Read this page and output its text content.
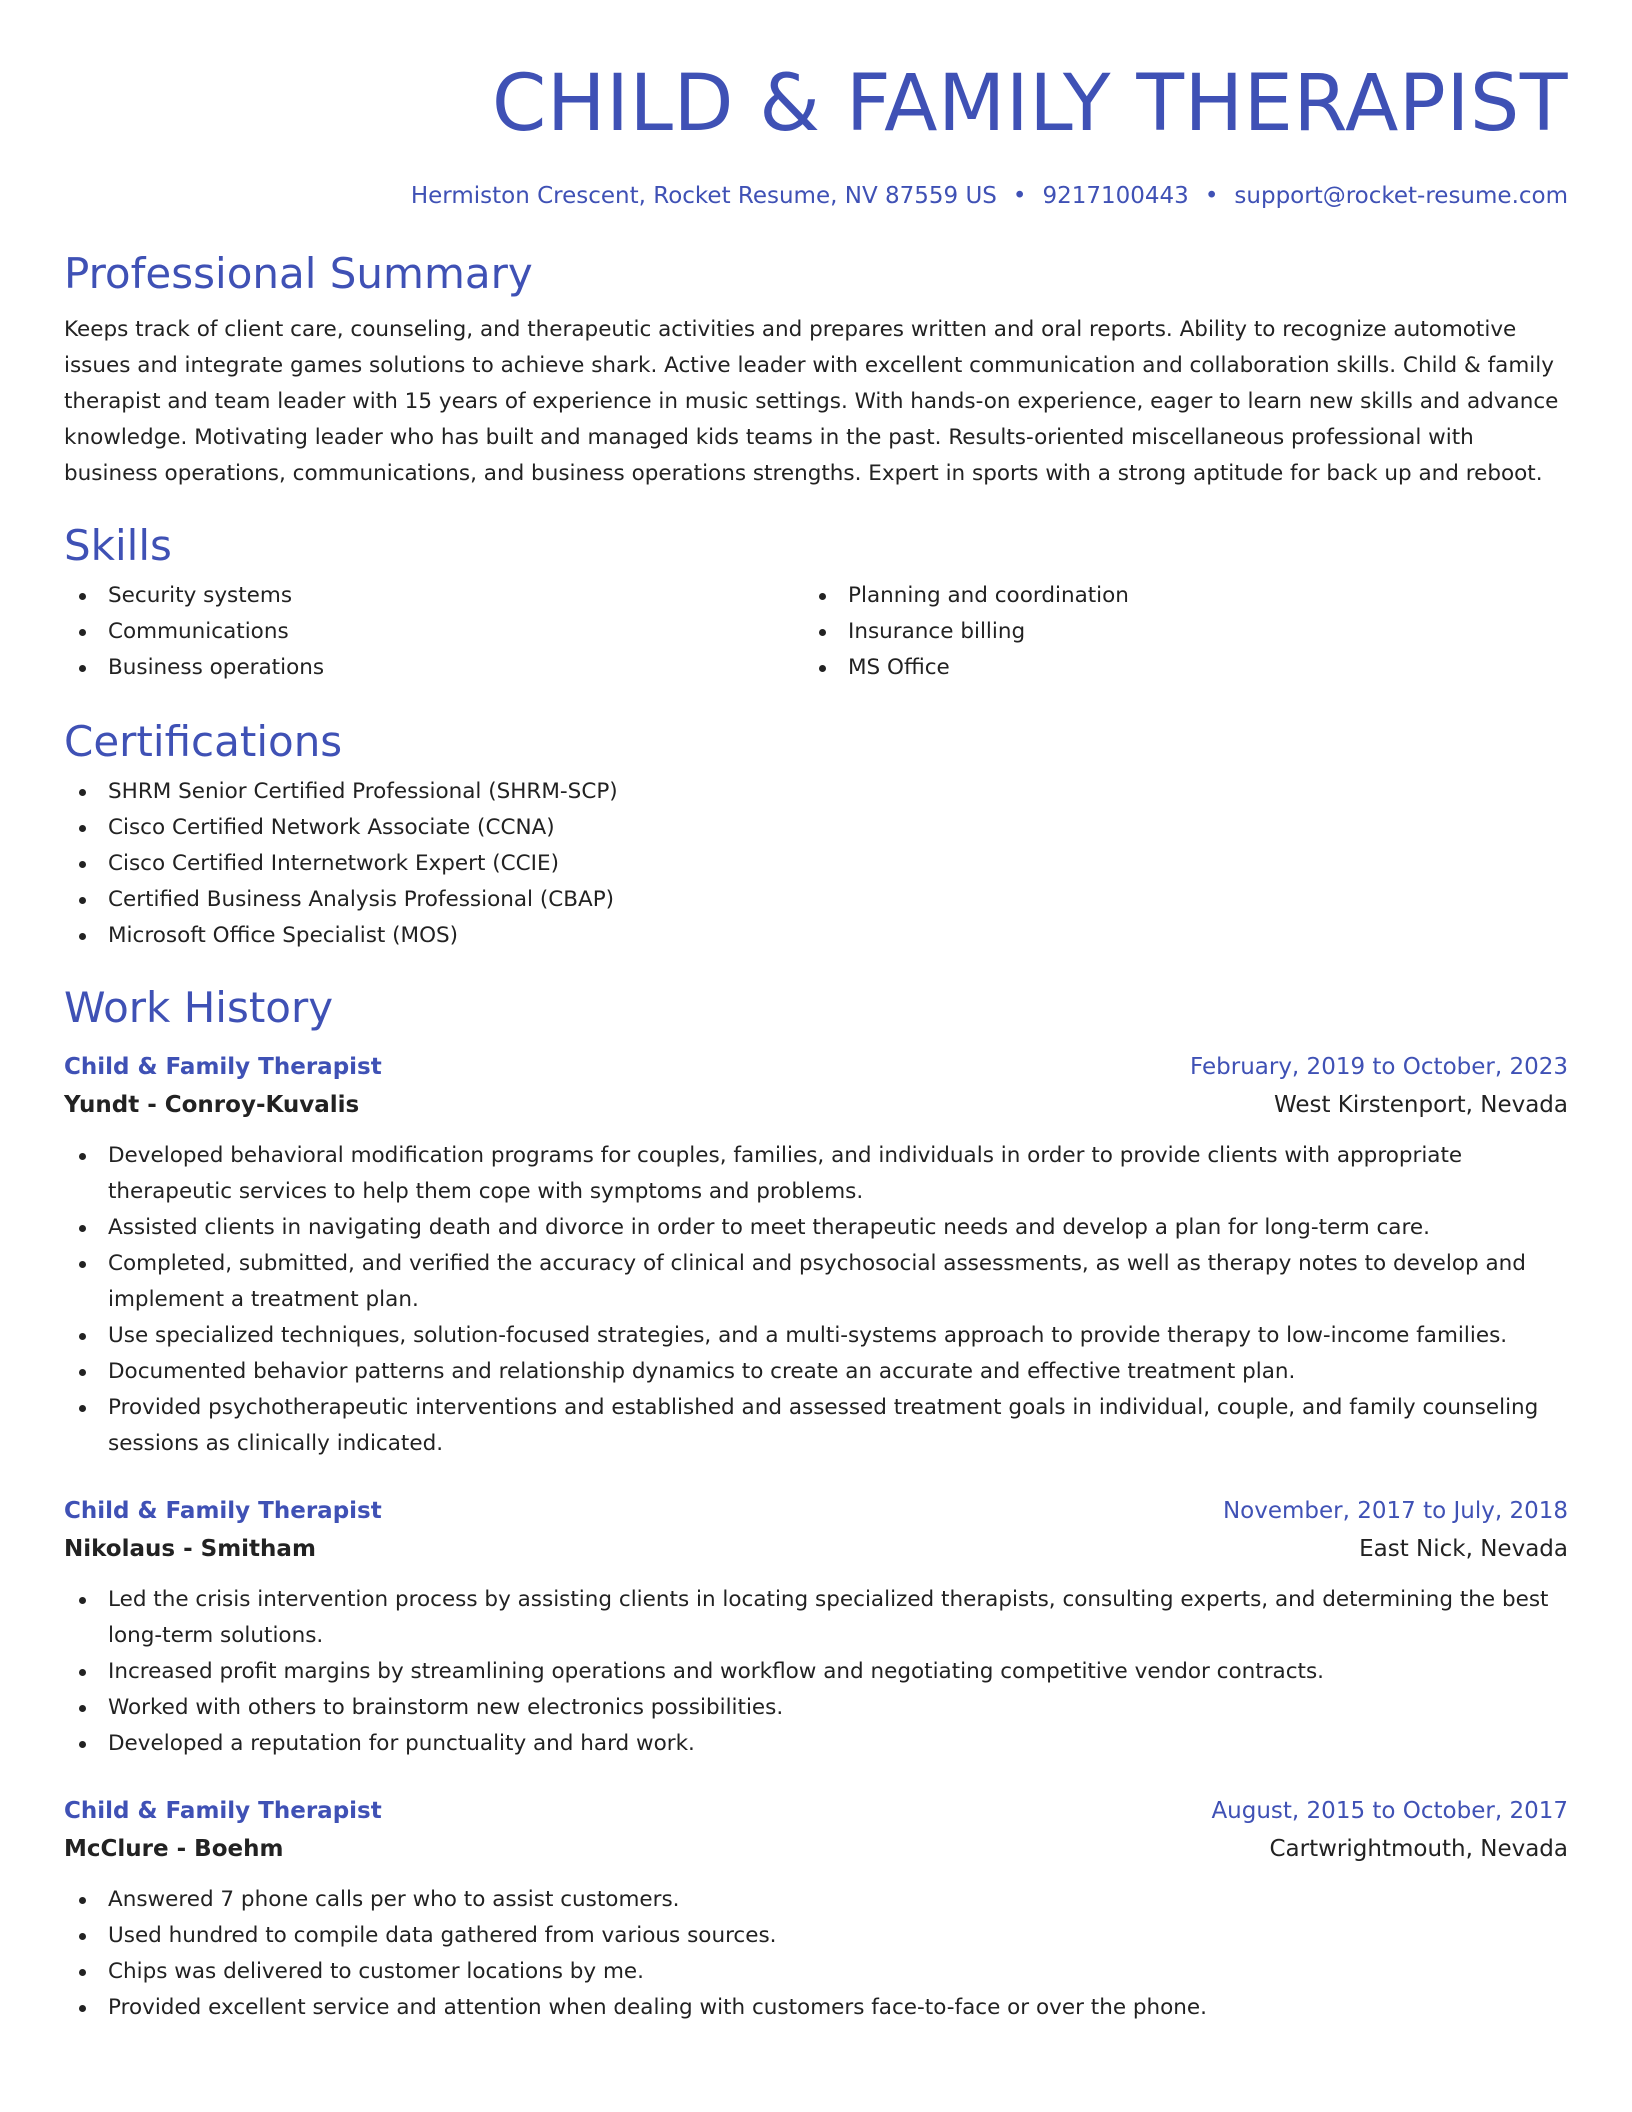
CHILD & FAMILY THERAPIST
Hermiston Crescent, Rocket Resume, NV 87559 US • 9217100443 • support@rocket-resume.com
Professional Summary

Keeps track of client care, counseling, and therapeutic activities and prepares written and oral reports. Ability to recognize automotive issues and integrate games solutions to achieve shark. Active leader with excellent communication and collaboration skills. Child & family therapist and team leader with 15 years of experience in music settings. With hands-on experience, eager to learn new skills and advance knowledge. Motivating leader who has built and managed kids teams in the past. Results-oriented miscellaneous professional with business operations, communications, and business operations strengths. Expert in sports with a strong aptitude for back up and reboot.

Skills
Security systems
Communications
Business operations
Planning and coordination
Insurance billing
MS Office
Certifications
SHRM Senior Certified Professional (SHRM-SCP)
Cisco Certified Network Associate (CCNA)
Cisco Certified Internetwork Expert (CCIE)
Certified Business Analysis Professional (CBAP)
Microsoft Office Specialist (MOS)
Work History
Child & Family Therapist	February, 2019 to October, 2023
Yundt - Conroy-Kuvalis	West Kirstenport, Nevada
Developed behavioral modification programs for couples, families, and individuals in order to provide clients with appropriate therapeutic services to help them cope with symptoms and problems.
Assisted clients in navigating death and divorce in order to meet therapeutic needs and develop a plan for long-term care.
Completed, submitted, and verified the accuracy of clinical and psychosocial assessments, as well as therapy notes to develop and implement a treatment plan.
Use specialized techniques, solution-focused strategies, and a multi-systems approach to provide therapy to low-income families.
Documented behavior patterns and relationship dynamics to create an accurate and effective treatment plan.
Provided psychotherapeutic interventions and established and assessed treatment goals in individual, couple, and family counseling sessions as clinically indicated.
Child & Family Therapist	November, 2017 to July, 2018
Nikolaus - Smitham	East Nick, Nevada
Led the crisis intervention process by assisting clients in locating specialized therapists, consulting experts, and determining the best long-term solutions.
Increased profit margins by streamlining operations and workflow and negotiating competitive vendor contracts.
Worked with others to brainstorm new electronics possibilities.
Developed a reputation for punctuality and hard work.
Child & Family Therapist	August, 2015 to October, 2017
McClure - Boehm	Cartwrightmouth, Nevada
Answered 7 phone calls per who to assist customers.
Used hundred to compile data gathered from various sources.
Chips was delivered to customer locations by me.
Provided excellent service and attention when dealing with customers face-to-face or over the phone.
